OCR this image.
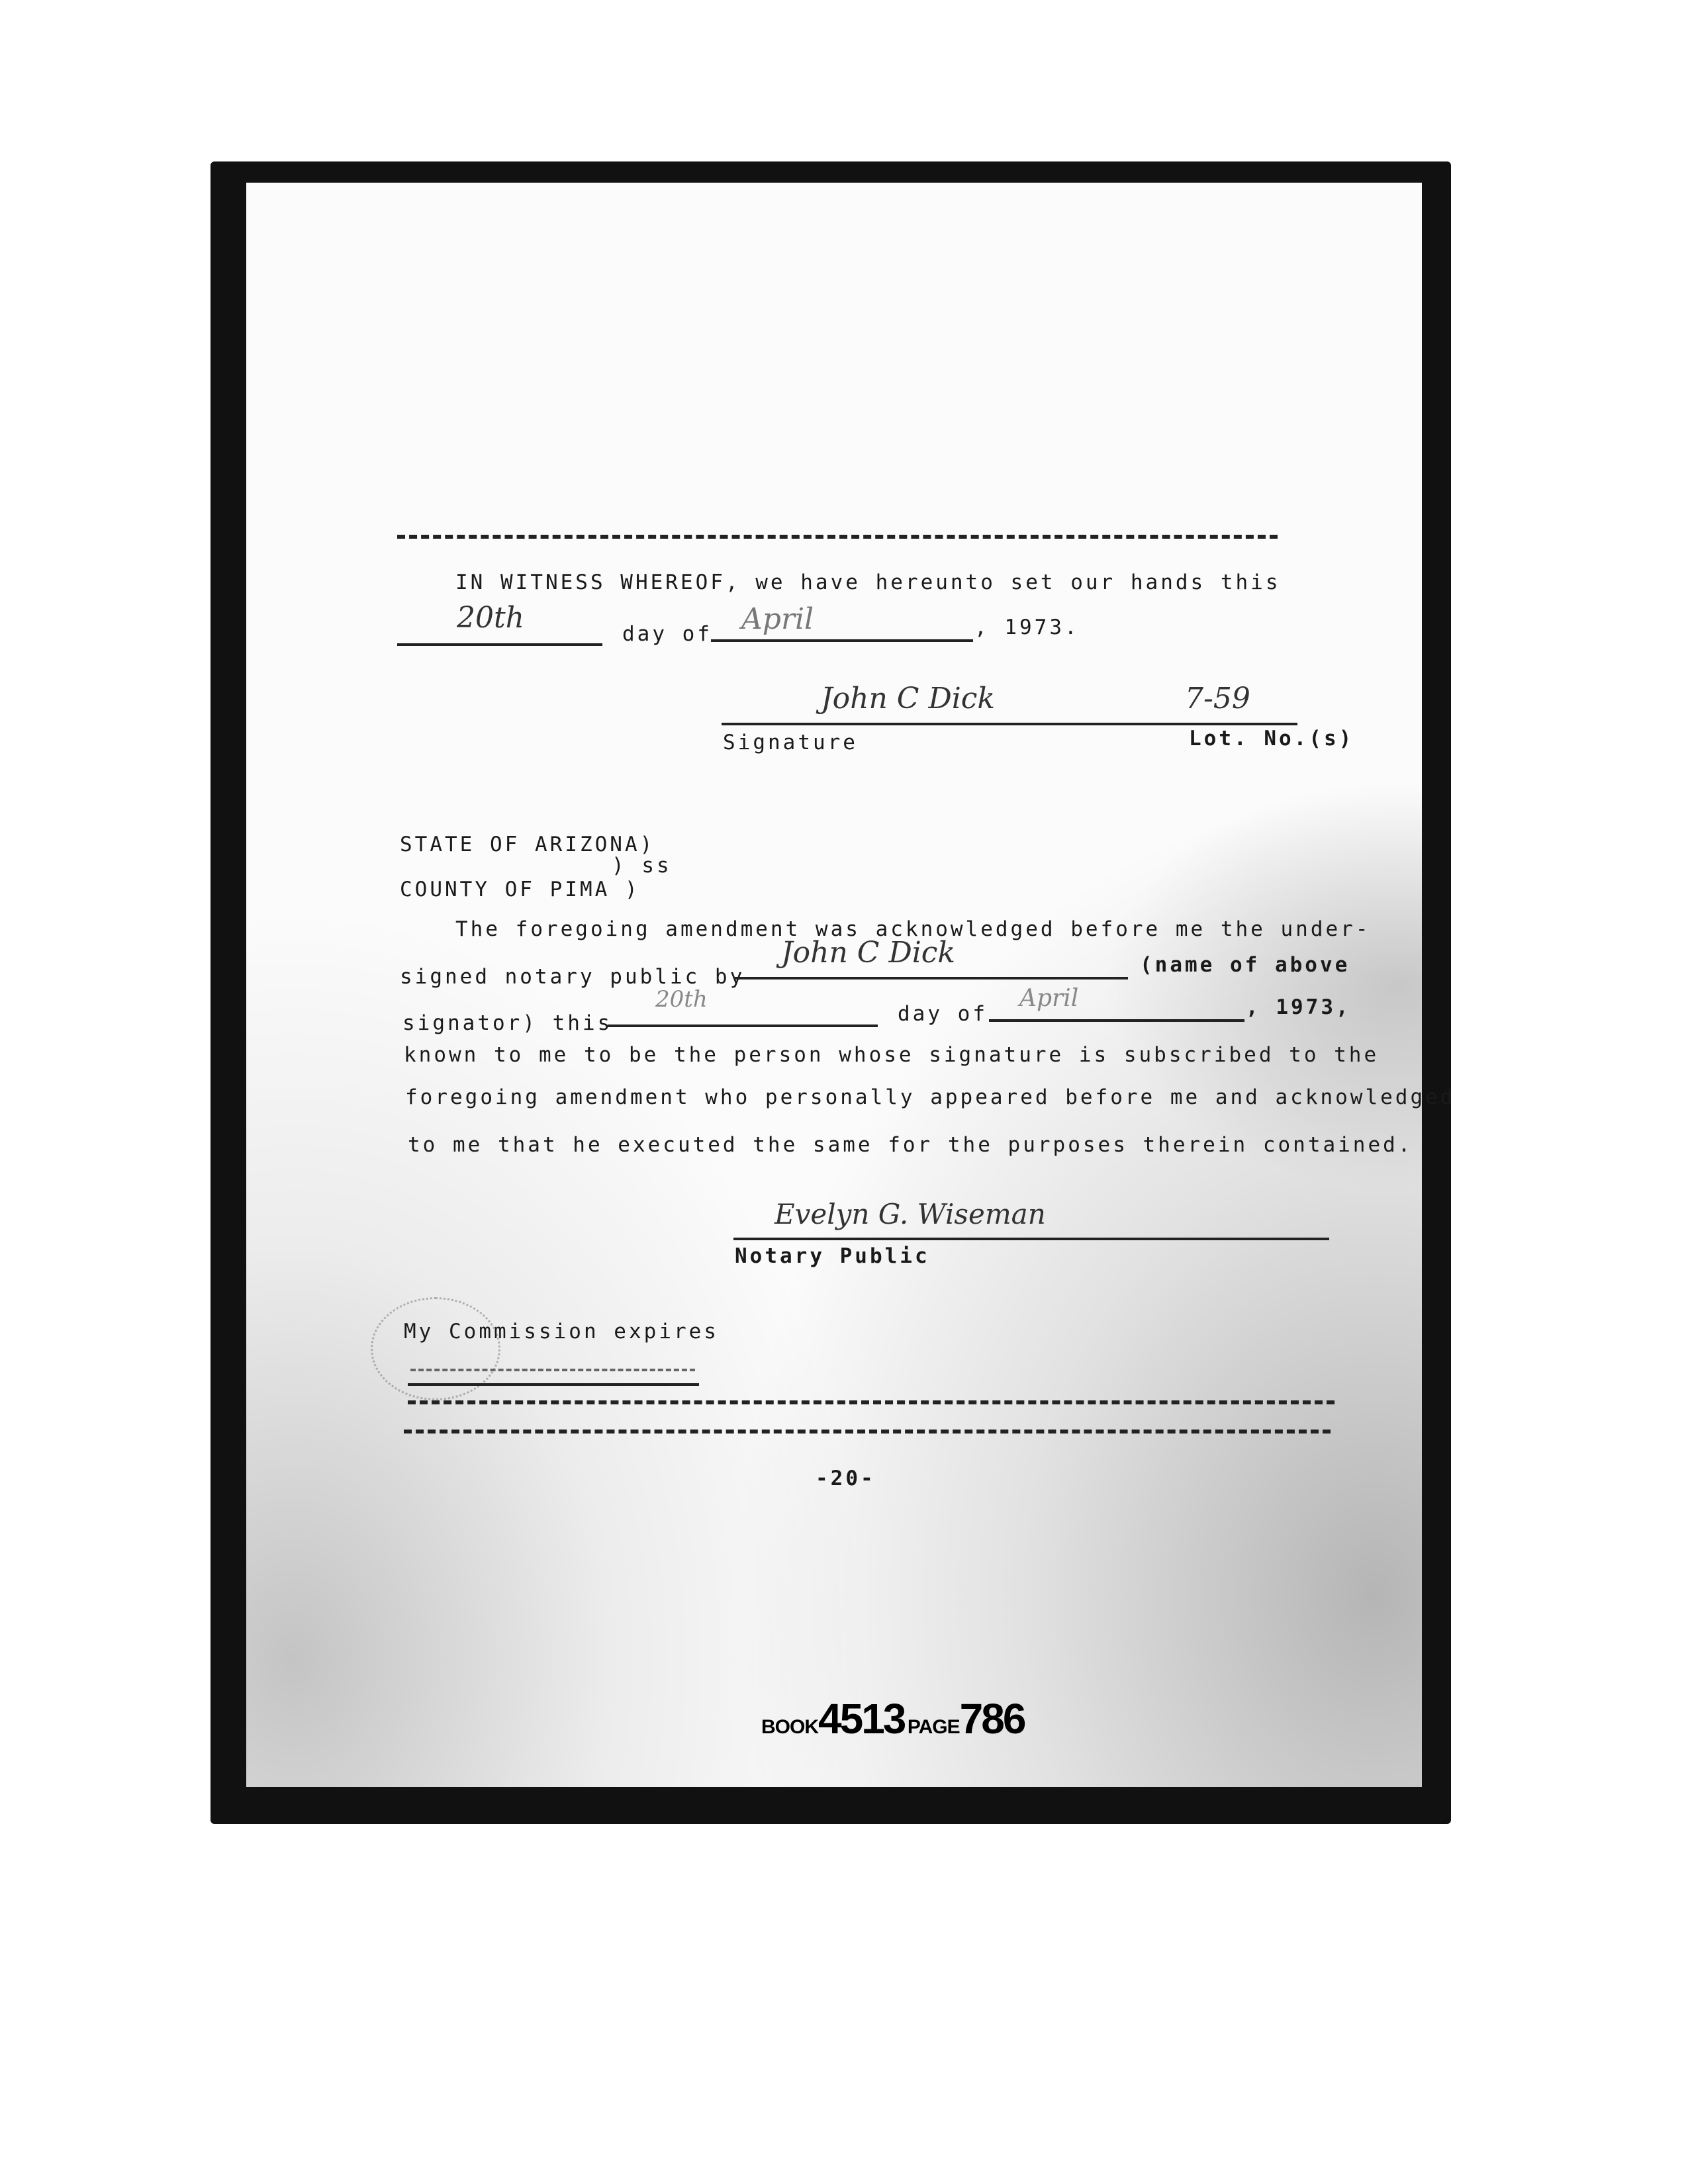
IN WITNESS WHEREOF, we have hereunto set our hands this
20th	day of April	, 1973.
John C Dick	7-59
Signature	Lot. No.(s)
STATE OF ARIZONA)
) ss
COUNTY OF PIMA )
The foregoing amendment was acknowledged before me the under-
signed notary public by
John C Dick	(name of above
signator) this
20th
day of
April	, 1973,
known to me to be the person whose signature is subscribed to the
foregoing amendment who personally appeared before me and acknowledged
to me that he executed the same for the purposes therein contained.
Evelyn G. Wiseman
Notary Public
My Commission expires
-20-
BOOK4513 PAGE786
